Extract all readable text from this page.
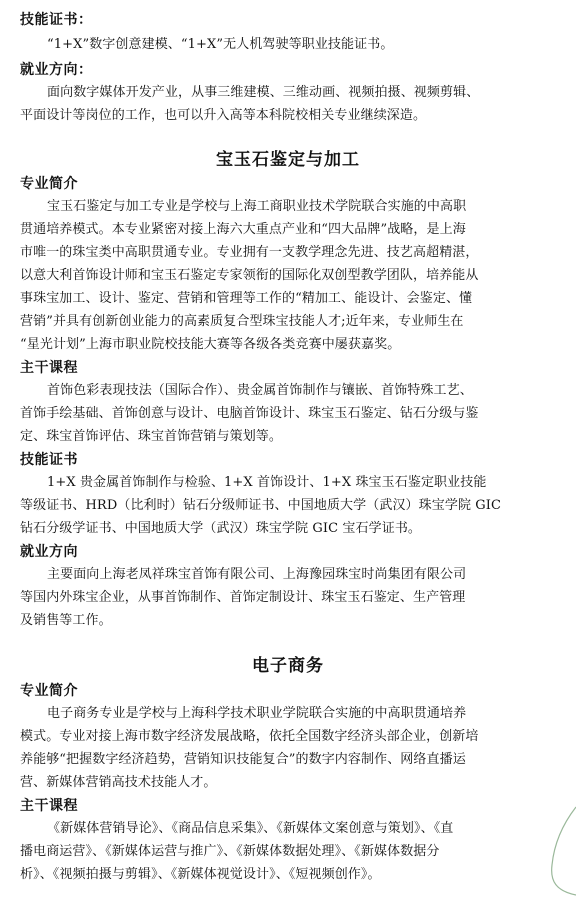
技能证书：
“1+X”数字创意建模、“1+X”无人机驾驶等职业技能证书。
就业方向：
面向数字媒体开发产业，从事三维建模、三维动画、视频拍摄、视频剪辑、
平面设计等岗位的工作，也可以升入高等本科院校相关专业继续深造。
宝玉石鉴定与加工
专业简介
宝玉石鉴定与加工专业是学校与上海工商职业技术学院联合实施的中高职
贯通培养模式。本专业紧密对接上海六大重点产业和“四大品牌”战略，是上海
市唯一的珠宝类中高职贯通专业。专业拥有一支教学理念先进、技艺高超精湛，
以意大利首饰设计师和宝玉石鉴定专家领衔的国际化双创型教学团队，培养能从
事珠宝加工、设计、鉴定、营销和管理等工作的“精加工、能设计、会鉴定、懂
营销”并具有创新创业能力的高素质复合型珠宝技能人才;近年来，专业师生在
“星光计划”上海市职业院校技能大赛等各级各类竞赛中屡获嘉奖。
主干课程
首饰色彩表现技法（国际合作）、贵金属首饰制作与镶嵌、首饰特殊工艺、
首饰手绘基础、首饰创意与设计、电脑首饰设计、珠宝玉石鉴定、钻石分级与鉴
定、珠宝首饰评估、珠宝首饰营销与策划等。
技能证书
1+X 贵金属首饰制作与检验、1+X 首饰设计、1+X 珠宝玉石鉴定职业技能
等级证书、HRD（比利时）钻石分级师证书、中国地质大学（武汉）珠宝学院 GIC
钻石分级学证书、中国地质大学（武汉）珠宝学院 GIC 宝石学证书。
就业方向
主要面向上海老凤祥珠宝首饰有限公司、上海豫园珠宝时尚集团有限公司
等国内外珠宝企业，从事首饰制作、首饰定制设计、珠宝玉石鉴定、生产管理
及销售等工作。
电子商务
专业简介
电子商务专业是学校与上海科学技术职业学院联合实施的中高职贯通培养
模式。专业对接上海市数字经济发展战略，依托全国数字经济头部企业，创新培
养能够“把握数字经济趋势，营销知识技能复合”的数字内容制作、网络直播运
营、新媒体营销高技术技能人才。
主干课程
《新媒体营销导论》、《商品信息采集》、《新媒体文案创意与策划》、《直
播电商运营》、《新媒体运营与推广》、《新媒体数据处理》、《新媒体数据分
析》、《视频拍摄与剪辑》、《新媒体视觉设计》、《短视频创作》。
